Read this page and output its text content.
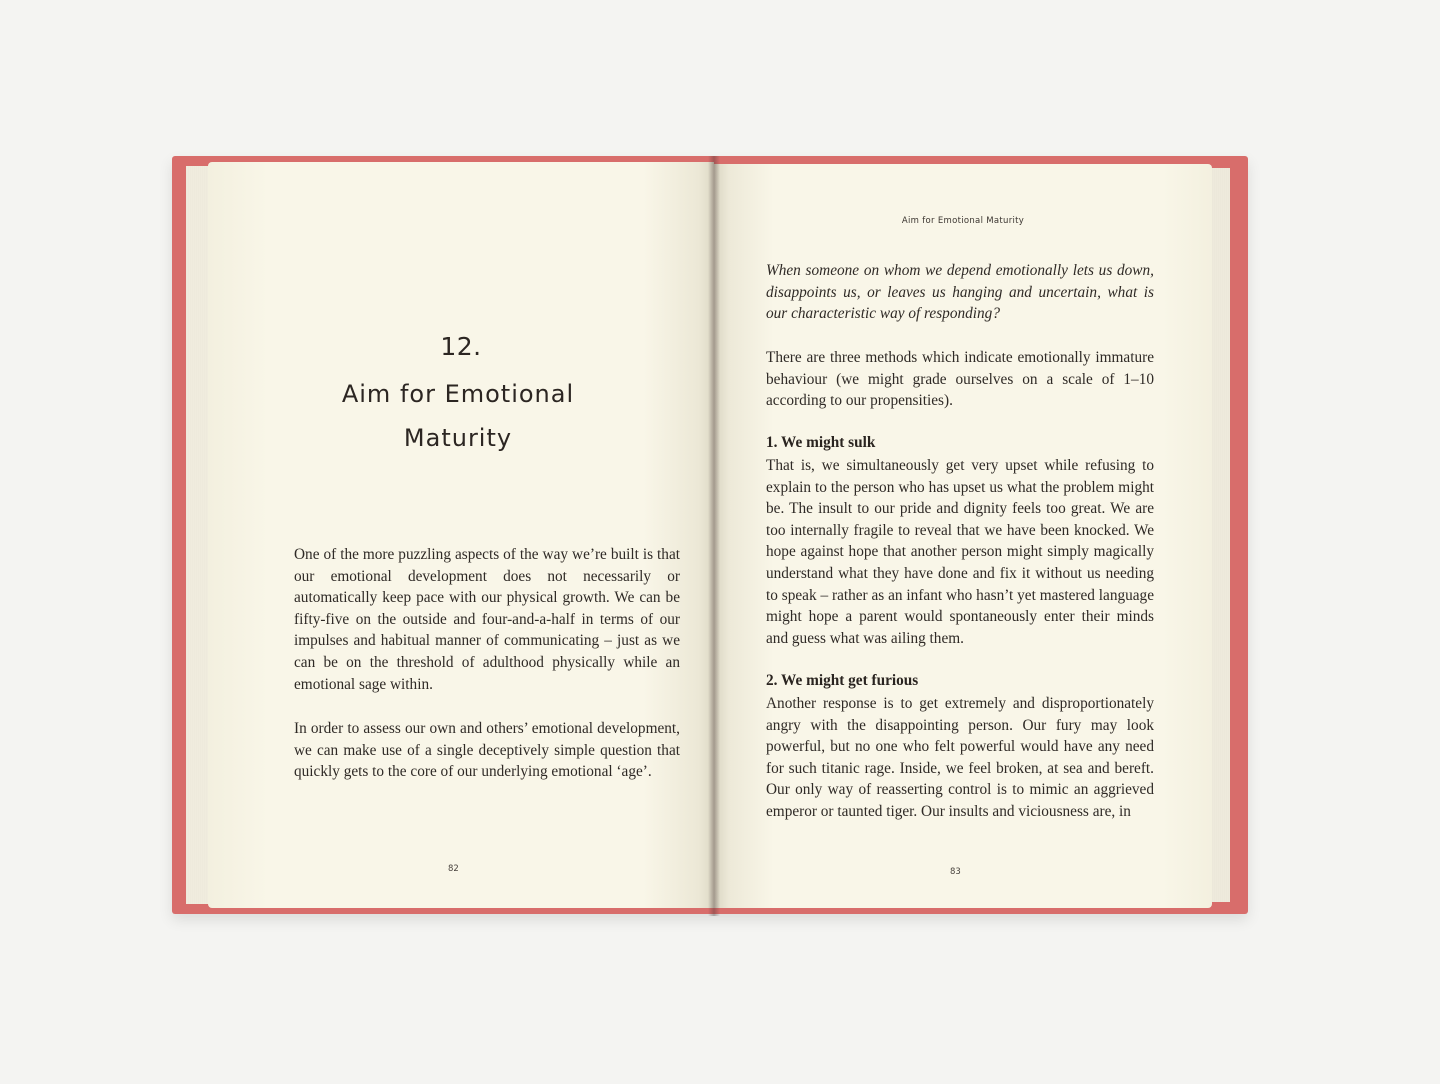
12.
Aim for Emotional Maturity

One of the more puzzling aspects of the way we’re built is that our emotional development does not necessarily or automatically keep pace with our physical growth. We can be fifty-five on the outside and four-and-a-half in terms of our impulses and habitual manner of communicating – just as we can be on the threshold of adulthood physically while an emotional sage within.

In order to assess our own and others’ emotional development, we can make use of a single deceptively simple question that quickly gets to the core of our underlying emotional ‘age’.

82
Aim for Emotional Maturity

When someone on whom we depend emotionally lets us down, disappoints us, or leaves us hanging and uncertain, what is our characteristic way of responding?

There are three methods which indicate emotionally immature behaviour (we might grade ourselves on a scale of 1–10 according to our propensities).

1. We might sulk

That is, we simultaneously get very upset while refusing to explain to the person who has upset us what the problem might be. The insult to our pride and dignity feels too great. We are too internally fragile to reveal that we have been knocked. We hope against hope that another person might simply magically understand what they have done and fix it without us needing to speak – rather as an infant who hasn’t yet mastered language might hope a parent would spontaneously enter their minds and guess what was ailing them.

2. We might get furious

Another response is to get extremely and disproportionately angry with the disappointing person. Our fury may look powerful, but no one who felt powerful would have any need for such titanic rage. Inside, we feel broken, at sea and bereft. Our only way of reasserting control is to mimic an aggrieved emperor or taunted tiger. Our insults and viciousness are, in

83
